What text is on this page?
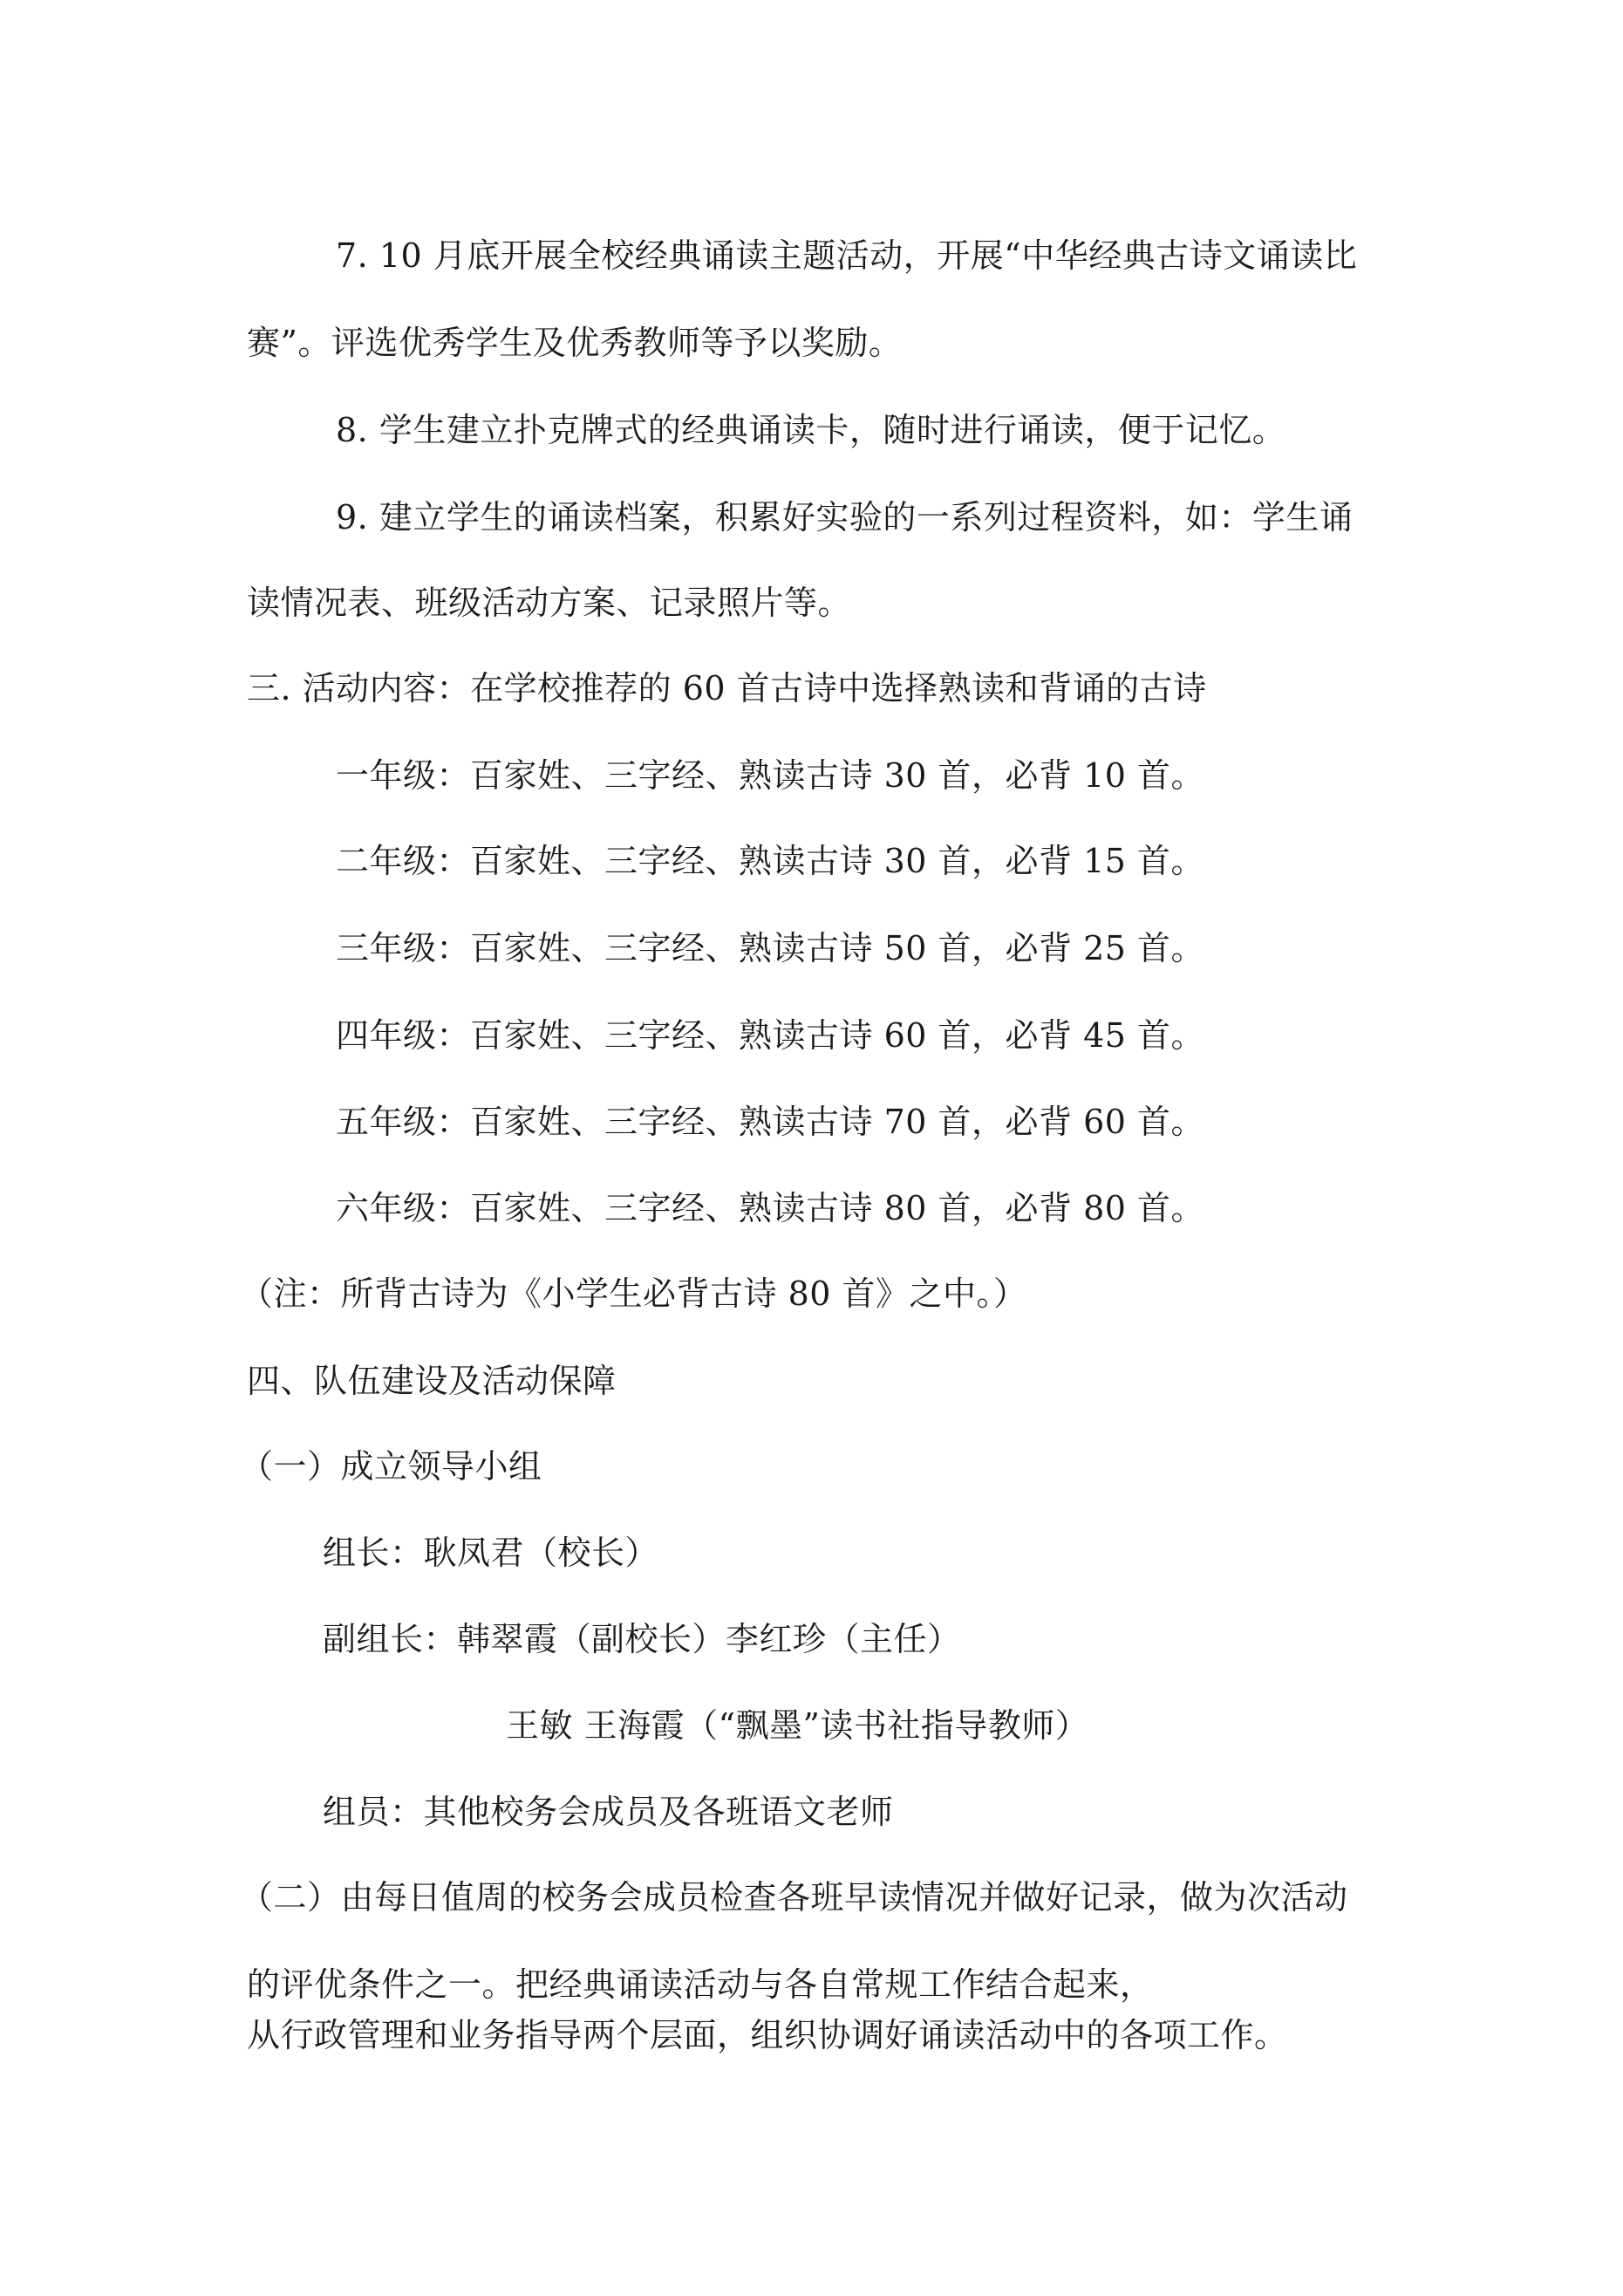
7. 10 月底开展全校经典诵读主题活动，开展“中华经典古诗文诵读比
赛”。评选优秀学生及优秀教师等予以奖励。
8. 学生建立扑克牌式的经典诵读卡，随时进行诵读，便于记忆。
9. 建立学生的诵读档案，积累好实验的一系列过程资料，如：学生诵
读情况表、班级活动方案、记录照片等。
三. 活动内容：在学校推荐的 60 首古诗中选择熟读和背诵的古诗
一年级：百家姓、三字经、熟读古诗 30 首，必背 10 首。
二年级：百家姓、三字经、熟读古诗 30 首，必背 15 首。
三年级：百家姓、三字经、熟读古诗 50 首，必背 25 首。
四年级：百家姓、三字经、熟读古诗 60 首，必背 45 首。
五年级：百家姓、三字经、熟读古诗 70 首，必背 60 首。
六年级：百家姓、三字经、熟读古诗 80 首，必背 80 首。
（注：所背古诗为《小学生必背古诗 80 首》之中。）
四、队伍建设及活动保障
（一）成立领导小组
组长：耿凤君（校长）
副组长：韩翠霞（副校长）李红珍（主任）
王敏 王海霞（“飘墨”读书社指导教师）
组员：其他校务会成员及各班语文老师
（二）由每日值周的校务会成员检查各班早读情况并做好记录，做为次活动
的评优条件之一。把经典诵读活动与各自常规工作结合起来，
从行政管理和业务指导两个层面，组织协调好诵读活动中的各项工作。
